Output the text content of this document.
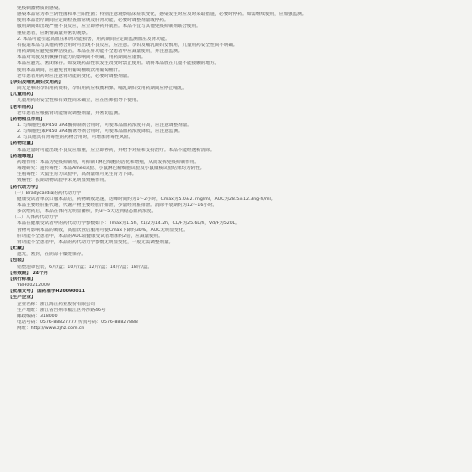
免疫刺激物质的感染。
感染本品常为革兰阴性菌和革兰阳性菌；特别注意观察临床症状变化，感染发生时应及时采取措施，必要时停药。如需继续使用，应加强监测。
使用本品治疗期间应定期检查血常规及肝肾功能，必要时调整剂量或停药。
服用期间如出现严重不良反应，应立即停药并就医。本品不宜与其他免疫抑制剂联合使用。
重症患者，应酌情减量并密切观察。
2. 本品可能引起高血压和肾功能损害，用药期间应定期监测血压及肾功能。
有报道本品与其他药物合用时可出现不良反应，应注意。孕妇及哺乳期妇女慎用，儿童用药安全性尚不明确。
用药期间应避免接种活疫苗。本品在肝功能不全患者中应减量使用，并注意监测。
本品对驾驶及机械操作能力的影响尚不明确，用药期间应谨慎。
本品应避光、密闭保存。如发现药品性状发生改变时禁止使用。请将本品放在儿童不能接触的地方。
使用本品期间，应避免食用葡萄柚或饮用葡萄柚汁。
老年患者用药时应注意肾功能的变化，必要时调整剂量。
【孕妇及哺乳期妇女用药】
尚无足够的孕妇用药资料，孕妇用药应权衡利弊。哺乳期妇女用药期间应停止哺乳。
【儿童用药】
儿童用药的安全性和有效性尚未确立，应在医师指导下使用。
【老年用药】
老年患者应根据肾功能情况调整剂量，并密切监测。
【药物相互作用】
1. 与细胞色素P450 3A4酶抑制剂合用时，可使本品血药浓度升高，应注意调整剂量。
2. 与细胞色素P450 3A4酶诱导剂合用时，可使本品血药浓度降低，应注意监测。
3. 与其他具有肾毒性的药物合用时，可增加肾毒性风险。
【药物过量】
本品过量时可能出现不良反应加重，应立即停药，并给予对症和支持治疗。本品不能经透析清除。
【药理毒理】
药理作用：本品为免疫抑制剂，可抑制T淋巴细胞的活化和增殖，从而发挥免疫抑制作用。
毒理研究：遗传毒性：本品Ames试验、小鼠淋巴瘤细胞试验及小鼠微核试验结果均为阴性。
生殖毒性：大鼠生育力试验中，高剂量组可见生育力下降。
致癌性：长期动物试验中未见明显致癌作用。
【药代动力学】
（一）Bradycardia的药代动力学
健康受试者单次口服本品后，药物吸收迅速，达峰时间约为1～2小时，Cmax为5.0±2.7ng/ml，AUC为28.5±12.3ng·h/ml。
本品主要经肝脏代谢，代谢产物主要经胆汁排泄，少量经肾脏排泄。消除半衰期约为12～16小时。
多次给药后，本品在体内无明显蓄积，约3～5天达到稳态血药浓度。
（二）人体药代动力学
本品在健康受试者中的药代动力学参数如下：Tmax为1.5h，t1/2为14.2h，CL/F为25.6L/h，Vd/F为520L。
食物可影响本品的吸收，高脂饮食后服用可使Cmax下降约30%，AUC无明显变化。
肝功能不全患者中，本品的AUC较健康受试者增加约2倍，应减量使用。
肾功能不全患者中，本品的药代动力学参数无明显变化，一般无需调整剂量。
【贮藏】
遮光，密封，在阴凉干燥处保存。
【包装】
铝塑泡罩包装，6片/盒；10片/盒；12片/盒；14片/盒；18片/盒。
【有效期】 24个月
【执行标准】
YBH00212009
【批准文号】 国药准字H20090011
【生产企业】
企业名称：浙江海正药业股份有限公司
生产地址：浙江省台州市椒江区外沙路46号
邮政编码：318000
电话号码：0576-88827777 传真号码：0576-88827888
网址：http://www.zjhz.com.cn
